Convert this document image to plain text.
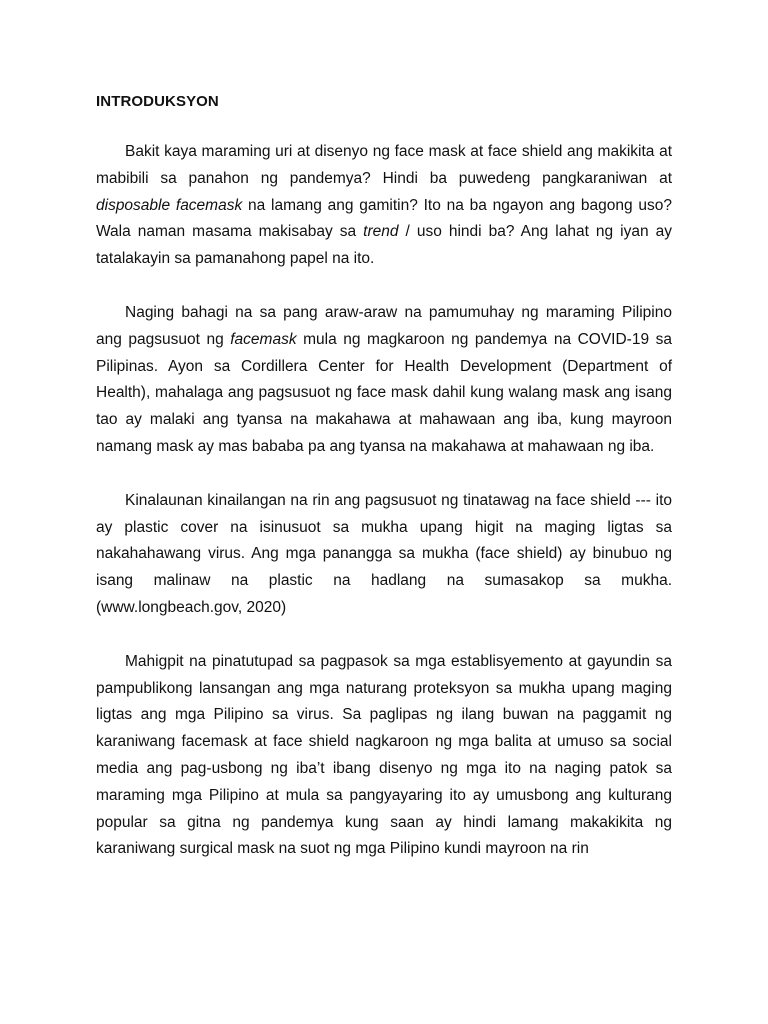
INTRODUKSYON

Bakit kaya maraming uri at disenyo ng face mask at face shield ang makikita at mabibili sa panahon ng pandemya? Hindi ba puwedeng pangkaraniwan at disposable facemask na lamang ang gamitin? Ito na ba ngayon ang bagong uso? Wala naman masama makisabay sa trend / uso hindi ba? Ang lahat ng iyan ay tatalakayin sa pamanahong papel na ito.

Naging bahagi na sa pang araw-araw na pamumuhay ng maraming Pilipino ang pagsusuot ng facemask mula ng magkaroon ng pandemya na COVID-19 sa Pilipinas. Ayon sa Cordillera Center for Health Development (Department of Health), mahalaga ang pagsusuot ng face mask dahil kung walang mask ang isang tao ay malaki ang tyansa na makahawa at mahawaan ang iba, kung mayroon namang mask ay mas bababa pa ang tyansa na makahawa at mahawaan ng iba.

Kinalaunan kinailangan na rin ang pagsusuot ng tinatawag na face shield --- ito ay plastic cover na isinusuot sa mukha upang higit na maging ligtas sa nakahahawang virus. Ang mga panangga sa mukha (face shield) ay binubuo ng isang malinaw na plastic na hadlang na sumasakop sa mukha. (www.longbeach.gov, 2020)

Mahigpit na pinatutupad sa pagpasok sa mga establisyemento at gayundin sa pampublikong lansangan ang mga naturang proteksyon sa mukha upang maging ligtas ang mga Pilipino sa virus. Sa paglipas ng ilang buwan na paggamit ng karaniwang facemask at face shield nagkaroon ng mga balita at umuso sa social media ang pag-usbong ng iba’t ibang disenyo ng mga ito na naging patok sa maraming mga Pilipino at mula sa pangyayaring ito ay umusbong ang kulturang popular sa gitna ng pandemya kung saan ay hindi lamang makakikita ng karaniwang surgical mask na suot ng mga Pilipino kundi mayroon na rin
